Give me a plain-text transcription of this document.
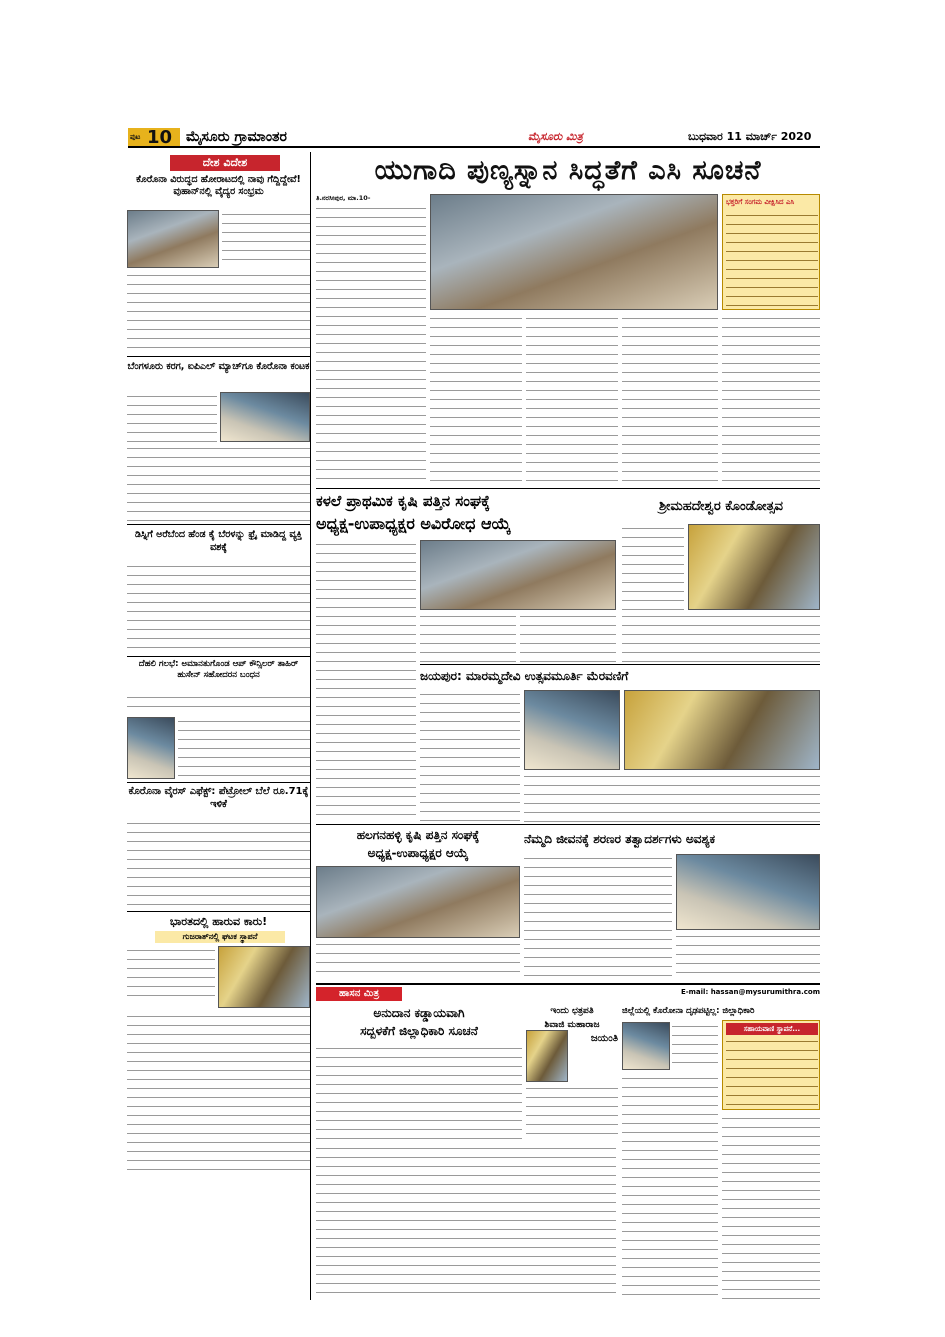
ಪುಟ 10 ಮೈಸೂರು ಗ್ರಾಮಾಂತರ	ಮೈಸೂರು ಮಿತ್ರ	ಬುಧವಾರ 11 ಮಾರ್ಚ್ 2020
ದೇಶ ವಿದೇಶ
ಕೊರೊನಾ ವಿರುದ್ಧದ ಹೋರಾಟದಲ್ಲಿ ನಾವು ಗೆದ್ದಿದ್ದೇವೆ! ವುಹಾನ್‌ನಲ್ಲಿ ವೈದ್ಯರ ಸಂಭ್ರಮ
ಬೆಂಗಳೂರು ಕರಗ, ಐಪಿಎಲ್ ಮ್ಯಾಚ್‌ಗೂ ಕೊರೊನಾ ಕಂಟಕ
ಡಿಸ್ನಿಗೆ ಅರೆಬೆಂದ ಹೆಂಡ ಕೈ ಬೆರಳನ್ನು ಫ್ರೈ ಮಾಡಿದ್ದ ವ್ಯಕ್ತಿ ವಶಕ್ಕೆ
ದೆಹಲಿ ಗಲಭೆ: ಅಮಾನತುಗೊಂಡ ಆಪ್ ಕೌನ್ಸಿಲರ್ ತಾಹಿರ್ ಹುಸೇನ್ ಸಹೋದರನ ಬಂಧನ
ಕೊರೊನಾ ವೈರಸ್ ಎಫೆಕ್ಟ್: ಪೆಟ್ರೋಲ್ ಬೆಲೆ ರೂ.71ಕ್ಕೆ ಇಳಿಕೆ
ಭಾರತದಲ್ಲಿ ಹಾರುವ ಕಾರು!
ಗುಜರಾತ್‌ನಲ್ಲಿ ಘಟಕ ಸ್ಥಾಪನೆ
ಯುಗಾದಿ ಪುಣ್ಯಸ್ನಾನ ಸಿದ್ಧತೆಗೆ ಎಸಿ ಸೂಚನೆ
ತಿ.ನರಸೀಪುರ, ಮಾ.10-	ಭಕ್ತರಿಗೆ ಸಂಗಮ ವೀಕ್ಷಿಸಿದ ಎಸಿ
ಕಳಲೆ ಪ್ರಾಥಮಿಕ ಕೃಷಿ ಪತ್ತಿನ ಸಂಘಕ್ಕೆ
ಅಧ್ಯಕ್ಷ-ಉಪಾಧ್ಯಕ್ಷರ ಅವಿರೋಧ ಆಯ್ಕೆ
ಶ್ರೀಮಹದೇಶ್ವರ ಕೊಂಡೋತ್ಸವ
ಜಯಪುರ: ಮಾರಮ್ಮದೇವಿ ಉತ್ಸವಮೂರ್ತಿ ಮೆರವಣಿಗೆ
ಹಲಗನಹಳ್ಳಿ ಕೃಷಿ ಪತ್ತಿನ ಸಂಘಕ್ಕೆ
ಅಧ್ಯಕ್ಷ-ಉಪಾಧ್ಯಕ್ಷರ ಆಯ್ಕೆ
ನೆಮ್ಮದಿ ಜೀವನಕ್ಕೆ ಶರಣರ ತತ್ವಾದರ್ಶಗಳು ಅವಶ್ಯಕ
ಹಾಸನ ಮಿತ್ರ	E-mail: hassan@mysurumithra.com
ಅನುದಾನ ಕಡ್ಡಾಯವಾಗಿ
ಸದ್ಬಳಕೆಗೆ ಜಿಲ್ಲಾಧಿಕಾರಿ ಸೂಚನೆ
ಇಂದು ಛತ್ರಪತಿ
ಶಿವಾಜಿ ಮಹಾರಾಜ
ಜಯಂತಿ
ಜಿಲ್ಲೆಯಲ್ಲಿ ಕೊರೋನಾ ದೃಢಪಟ್ಟಿಲ್ಲ: ಜಿಲ್ಲಾಧಿಕಾರಿ
ಸಹಾಯವಾಣಿ ಸ್ಥಾಪನೆ...
